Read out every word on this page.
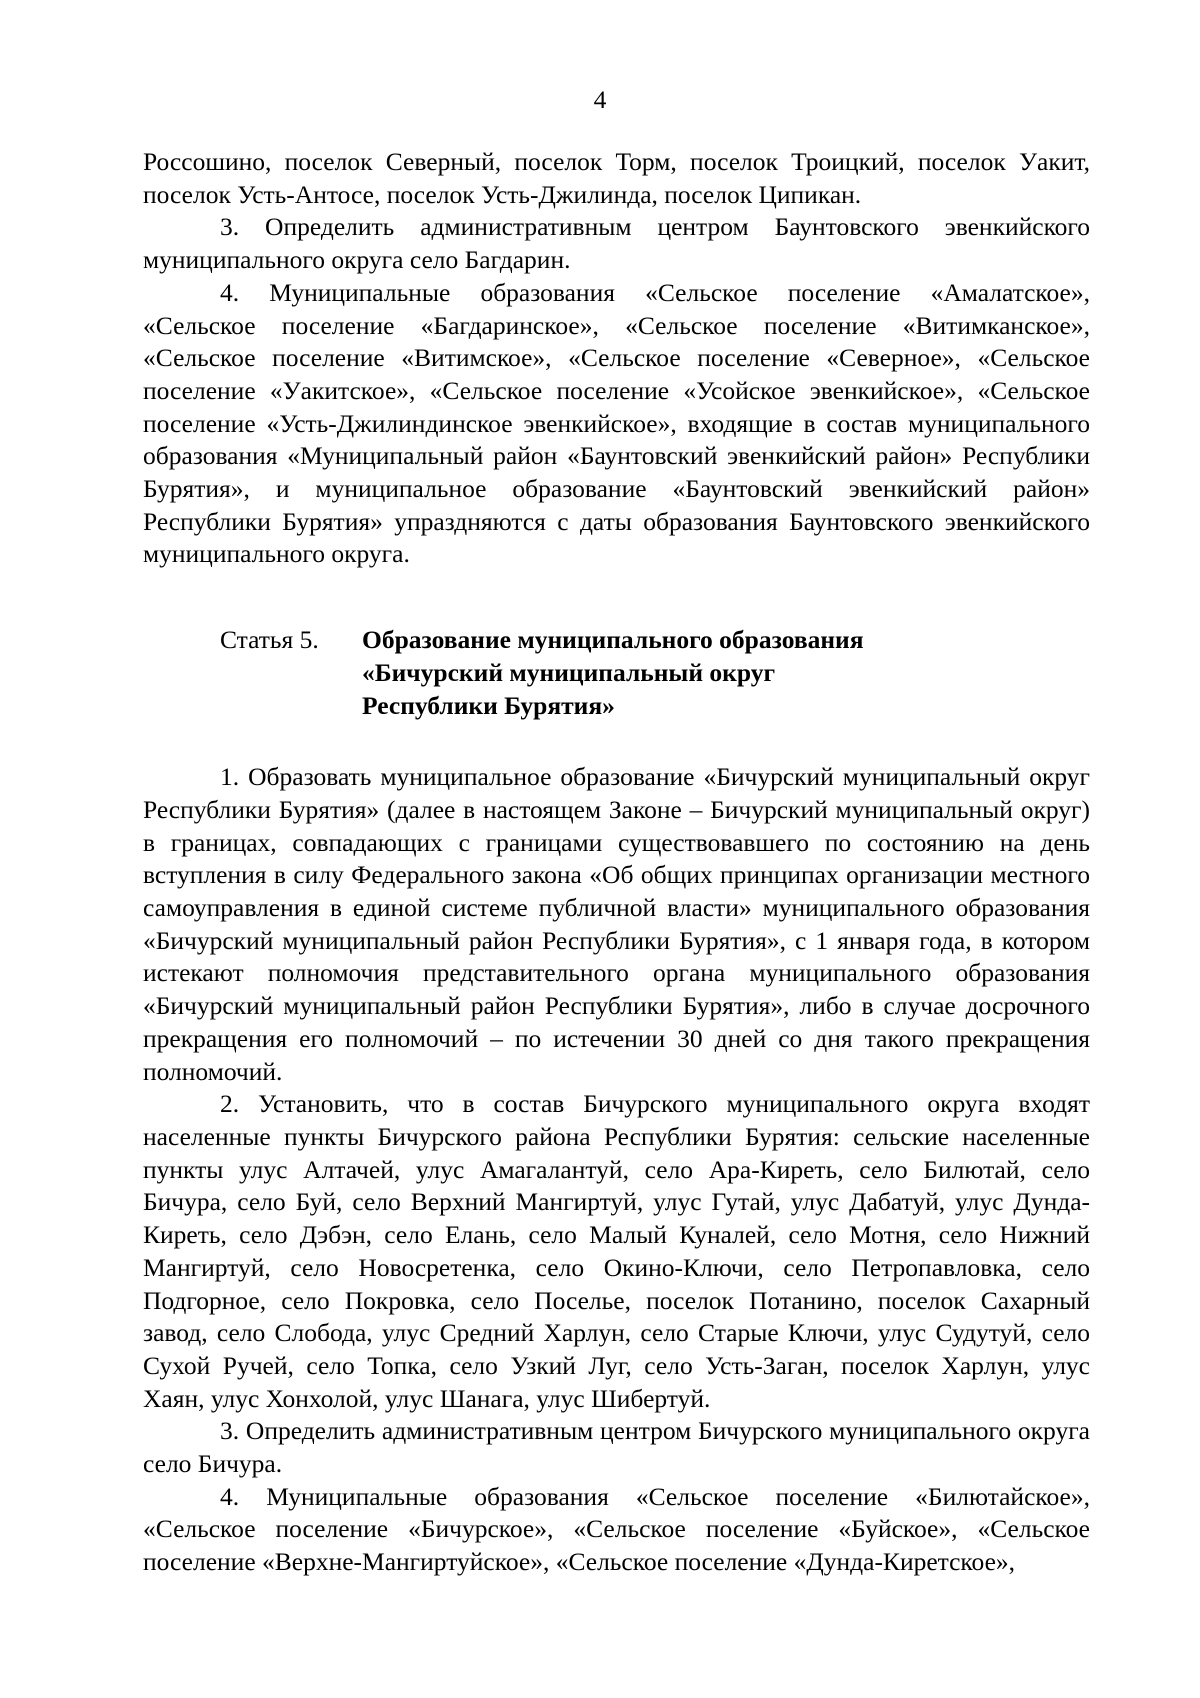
4

Россошино, поселок Северный, поселок Торм, поселок Троицкий, поселок Уакит, поселок Усть-Антосе, поселок Усть-Джилинда, поселок Ципикан.

3. Определить административным центром Баунтовского эвенкийского муниципального округа село Багдарин.

4. Муниципальные образования «Сельское поселение «Амалатское», «Сельское поселение «Багдаринское», «Сельское поселение «Витимканское», «Сельское поселение «Витимское», «Сельское поселение «Северное», «Сельское поселение «Уакитское», «Сельское поселение «Усойское эвенкийское», «Сельское поселение «Усть-Джилиндинское эвенкийское», входящие в состав муниципального образования «Муниципальный район «Баунтовский эвенкийский район» Республики Бурятия», и муниципальное образование «Баунтовский эвенкийский район» Республики Бурятия» упраздняются с даты образования Баунтовского эвенкийского муниципального округа.

Статья 5. Образование муниципального образования
«Бичурский муниципальный округ
Республики Бурятия»

1. Образовать муниципальное образование «Бичурский муниципальный округ Республики Бурятия» (далее в настоящем Законе – Бичурский муниципальный округ) в границах, совпадающих с границами существовавшего по состоянию на день вступления в силу Федерального закона «Об общих принципах организации местного самоуправления в единой системе публичной власти» муниципального образования «Бичурский муниципальный район Республики Бурятия», с 1 января года, в котором истекают полномочия представительного органа муниципального образования «Бичурский муниципальный район Республики Бурятия», либо в случае досрочного прекращения его полномочий – по истечении 30 дней со дня такого прекращения полномочий.

2. Установить, что в состав Бичурского муниципального округа входят населенные пункты Бичурского района Республики Бурятия: сельские населенные пункты улус Алтачей, улус Амагалантуй, село Ара-Киреть, село Билютай, село Бичура, село Буй, село Верхний Мангиртуй, улус Гутай, улус Дабатуй, улус Дунда-Киреть, село Дэбэн, село Елань, село Малый Куналей, село Мотня, село Нижний Мангиртуй, село Новосретенка, село Окино-Ключи, село Петропавловка, село Подгорное, село Покровка, село Поселье, поселок Потанино, поселок Сахарный завод, село Слобода, улус Средний Харлун, село Старые Ключи, улус Судутуй, село Сухой Ручей, село Топка, село Узкий Луг, село Усть-Заган, поселок Харлун, улус Хаян, улус Хонхолой, улус Шанага, улус Шибертуй.

3. Определить административным центром Бичурского муниципального округа село Бичура.

4. Муниципальные образования «Сельское поселение «Билютайское», «Сельское поселение «Бичурское», «Сельское поселение «Буйское», «Сельское поселение «Верхне-Мангиртуйское», «Сельское поселение «Дунда-Киретское»,
